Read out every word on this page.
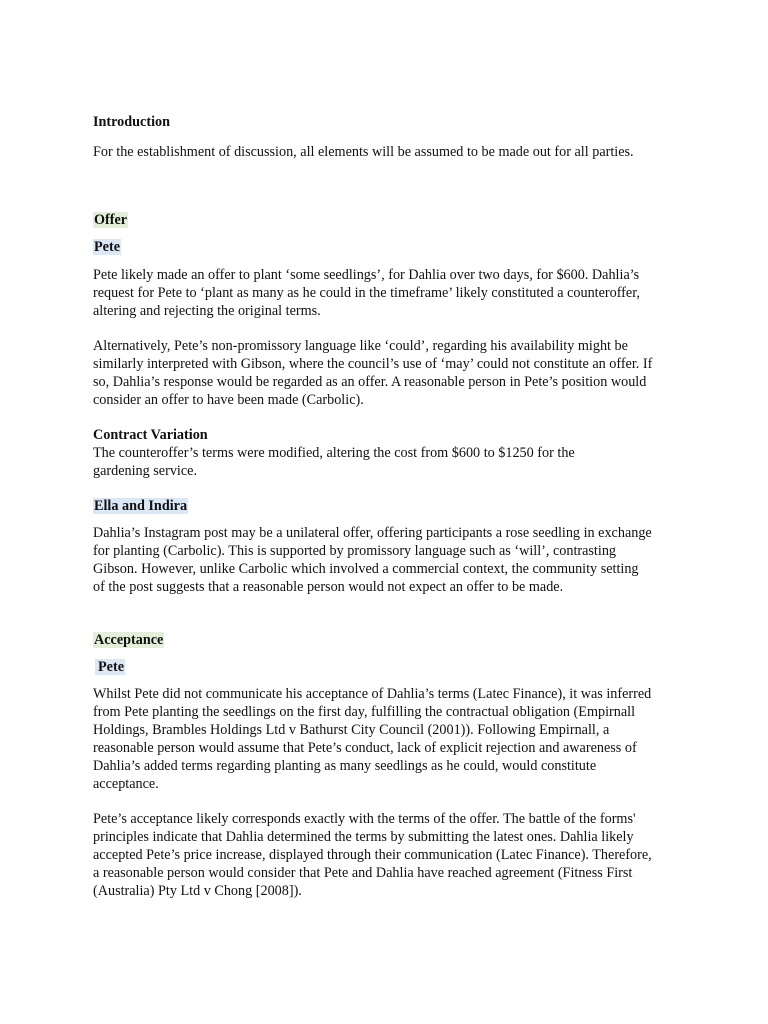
Introduction

For the establishment of discussion, all elements will be assumed to be made out for all parties.

Offer

Pete

Pete likely made an offer to plant ‘some seedlings’, for Dahlia over two days, for $600. Dahlia’s request for Pete to ‘plant as many as he could in the timeframe’ likely constituted a counteroffer, altering and rejecting the original terms.

Alternatively, Pete’s non-promissory language like ‘could’, regarding his availability might be similarly interpreted with Gibson, where the council’s use of ‘may’ could not constitute an offer. If so, Dahlia’s response would be regarded as an offer. A reasonable person in Pete’s position would consider an offer to have been made (Carbolic).

Contract Variation

The counteroffer’s terms were modified, altering the cost from $600 to $1250 for the gardening service.

Ella and Indira

Dahlia’s Instagram post may be a unilateral offer, offering participants a rose seedling in exchange for planting (Carbolic). This is supported by promissory language such as ‘will’, contrasting Gibson. However, unlike Carbolic which involved a commercial context, the community setting of the post suggests that a reasonable person would not expect an offer to be made.

Acceptance

Pete

Whilst Pete did not communicate his acceptance of Dahlia’s terms (Latec Finance), it was inferred from Pete planting the seedlings on the first day, fulfilling the contractual obligation (Empirnall Holdings, Brambles Holdings Ltd v Bathurst City Council (2001)). Following Empirnall, a reasonable person would assume that Pete’s conduct, lack of explicit rejection and awareness of Dahlia’s added terms regarding planting as many seedlings as he could, would constitute acceptance.

Pete’s acceptance likely corresponds exactly with the terms of the offer. The battle of the forms' principles indicate that Dahlia determined the terms by submitting the latest ones. Dahlia likely accepted Pete’s price increase, displayed through their communication (Latec Finance). Therefore, a reasonable person would consider that Pete and Dahlia have reached agreement (Fitness First (Australia) Pty Ltd v Chong [2008]).
